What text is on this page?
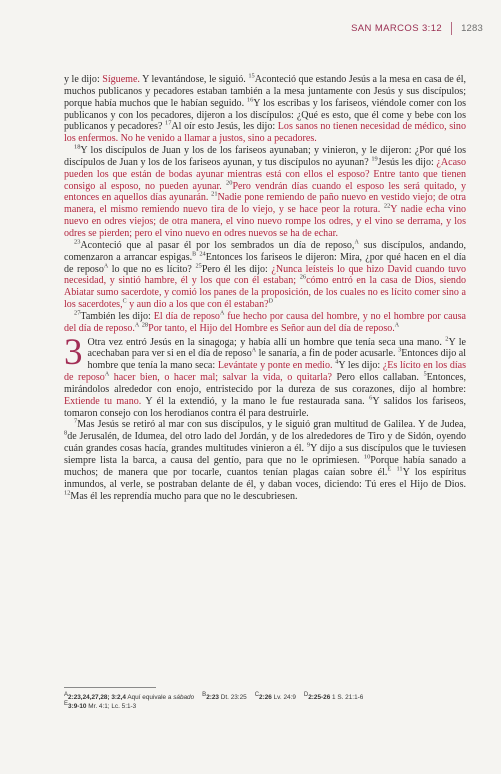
SAN MARCOS 3:12 1283

y le dijo: Sígueme. Y levantándose, le siguió. $^{15}$Aconteció que estando Jesús a la mesa en casa de él, muchos publicanos y pecadores estaban también a la mesa juntamente con Jesús y sus discípulos; porque había muchos que le habían seguido. $^{16}$Y los escribas y los fariseos, viéndole comer con los publicanos y con los pecadores, dijeron a los discípulos: ¿Qué es esto, que él come y bebe con los publicanos y pecadores? $^{17}$Al oír esto Jesús, les dijo: Los sanos no tienen necesidad de médico, sino los enfermos. No he venido a llamar a justos, sino a pecadores.

$^{18}$Y los discípulos de Juan y los de los fariseos ayunaban; y vinieron, y le dijeron: ¿Por qué los discípulos de Juan y los de los fariseos ayunan, y tus discípulos no ayunan? $^{19}$Jesús les dijo: ¿Acaso pueden los que están de bodas ayunar mientras está con ellos el esposo? Entre tanto que tienen consigo al esposo, no pueden ayunar. $^{20}$Pero vendrán días cuando el esposo les será quitado, y entonces en aquellos días ayunarán. $^{21}$Nadie pone remiendo de paño nuevo en vestido viejo; de otra manera, el mismo remiendo nuevo tira de lo viejo, y se hace peor la rotura. $^{22}$Y nadie echa vino nuevo en odres viejos; de otra manera, el vino nuevo rompe los odres, y el vino se derrama, y los odres se pierden; pero el vino nuevo en odres nuevos se ha de echar.

$^{23}$Aconteció que al pasar él por los sembrados un día de reposo,$^A$ sus discípulos, andando, comenzaron a arrancar espigas.$^B$ $^{24}$Entonces los fariseos le dijeron: Mira, ¿por qué hacen en el día de reposo$^A$ lo que no es lícito? $^{25}$Pero él les dijo: ¿Nunca leísteis lo que hizo David cuando tuvo necesidad, y sintió hambre, él y los que con él estaban; $^{26}$cómo entró en la casa de Dios, siendo Abiatar sumo sacerdote, y comió los panes de la proposición, de los cuales no es lícito comer sino a los sacerdotes,$^C$ y aun dio a los que con él estaban?$^D$

$^{27}$También les dijo: El día de reposo$^A$ fue hecho por causa del hombre, y no el hombre por causa del día de reposo.$^A$ $^{28}$Por tanto, el Hijo del Hombre es Señor aun del día de reposo.$^A$

3 Otra vez entró Jesús en la sinagoga; y había allí un hombre que tenía seca una mano. $^2$Y le acechaban para ver si en el día de reposo$^A$ le sanaría, a fin de poder acusarle. $^3$Entonces dijo al hombre que tenía la mano seca: Levántate y ponte en medio. $^4$Y les dijo: ¿Es lícito en los días de reposo$^A$ hacer bien, o hacer mal; salvar la vida, o quitarla? Pero ellos callaban. $^5$Entonces, mirándolos alrededor con enojo, entristecido por la dureza de sus corazones, dijo al hombre: Extiende tu mano. Y él la extendió, y la mano le fue restaurada sana. $^6$Y salidos los fariseos, tomaron consejo con los herodianos contra él para destruirle.

$^7$Mas Jesús se retiró al mar con sus discípulos, y le siguió gran multitud de Galilea. Y de Judea, $^8$de Jerusalén, de Idumea, del otro lado del Jordán, y de los alrededores de Tiro y de Sidón, oyendo cuán grandes cosas hacía, grandes multitudes vinieron a él. $^9$Y dijo a sus discípulos que le tuviesen siempre lista la barca, a causa del gentío, para que no le oprimiesen. $^{10}$Porque había sanado a muchos; de manera que por tocarle, cuantos tenían plagas caían sobre él.$^E$ $^{11}$Y los espíritus inmundos, al verle, se postraban delante de él, y daban voces, diciendo: Tú eres el Hijo de Dios. $^{12}$Mas él les reprendía mucho para que no le descubriesen.

A2:23,24,27,28; 3:2,4 Aquí equivale a sábado B2:23 Dt. 23:25 C2:26 Lv. 24:9 D2:25-26 1 S. 21:1-6
E3:9-10 Mr. 4:1; Lc. 5:1-3
